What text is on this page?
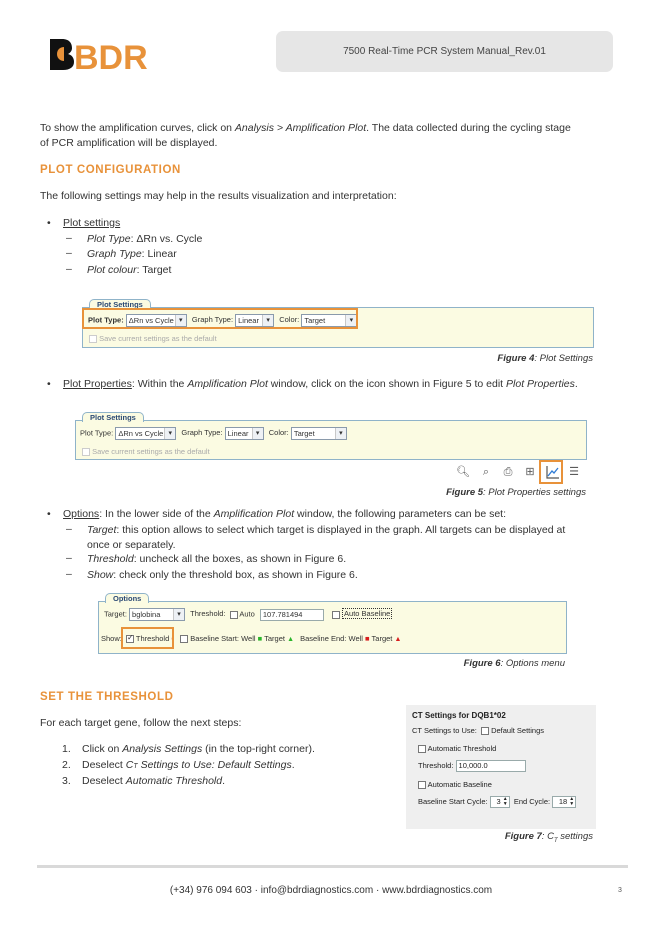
BDR	7500 Real-Time PCR System Manual_Rev.01

To show the amplification curves, click on Analysis > Amplification Plot. The data collected during the cycling stage
of PCR amplification will be displayed.

PLOT CONFIGURATION

The following settings may help in the results visualization and interpretation:

• Plot settings
– Plot Type: ΔRn vs. Cycle
– Graph Type: Linear
– Plot colour: Target
Plot Settings
Plot Type: ΔRn vs Cycle ▾	Graph Type: Linear	▾	Color: Target	▾
Save current settings as the default
Figure 4: Plot Settings
• Plot Properties: Within the Amplification Plot window, click on the icon shown in Figure 5 to edit Plot Properties.
Plot Settings
Plot Type: ΔRn vs Cycle ▾	Graph Type: Linear	▾	Color: Target	▾
Save current settings as the default
🔍︎	⌕	⎙ ⊞	☰
Figure 5: Plot Properties settings
• Options: In the lower side of the Amplification Plot window, the following parameters can be set:
– Target: this option allows to select which target is displayed in the graph. All targets can be displayed at
once or separately.
– Threshold: uncheck all the boxes, as shown in Figure 6.
– Show: check only the threshold box, as shown in Figure 6.
Options
Target: bglobina	▾	Threshold: Auto 107.781494	Auto Baseline
Show: ✓ Threshold ▪ Baseline Start: Well ■ Target ▲ Baseline End: Well ■ Target ▲
Figure 6: Options menu
SET THE THRESHOLD

For each target gene, follow the next steps:

1. Click on Analysis Settings (in the top-right corner).
2. Deselect CT Settings to Use: Default Settings.
3. Deselect Automatic Threshold.
CT Settings for DQB1*02
CT Settings to Use: Default Settings
Automatic Threshold
Threshold: 10,000.0
Automatic Baseline
Baseline Start Cycle: 3 ▲
▼ End Cycle: 18 ▲
▼
Figure 7: $C_T$ settings
(+34) 976 094 603 · info@bdrdiagnostics.com · www.bdrdiagnostics.com	3
